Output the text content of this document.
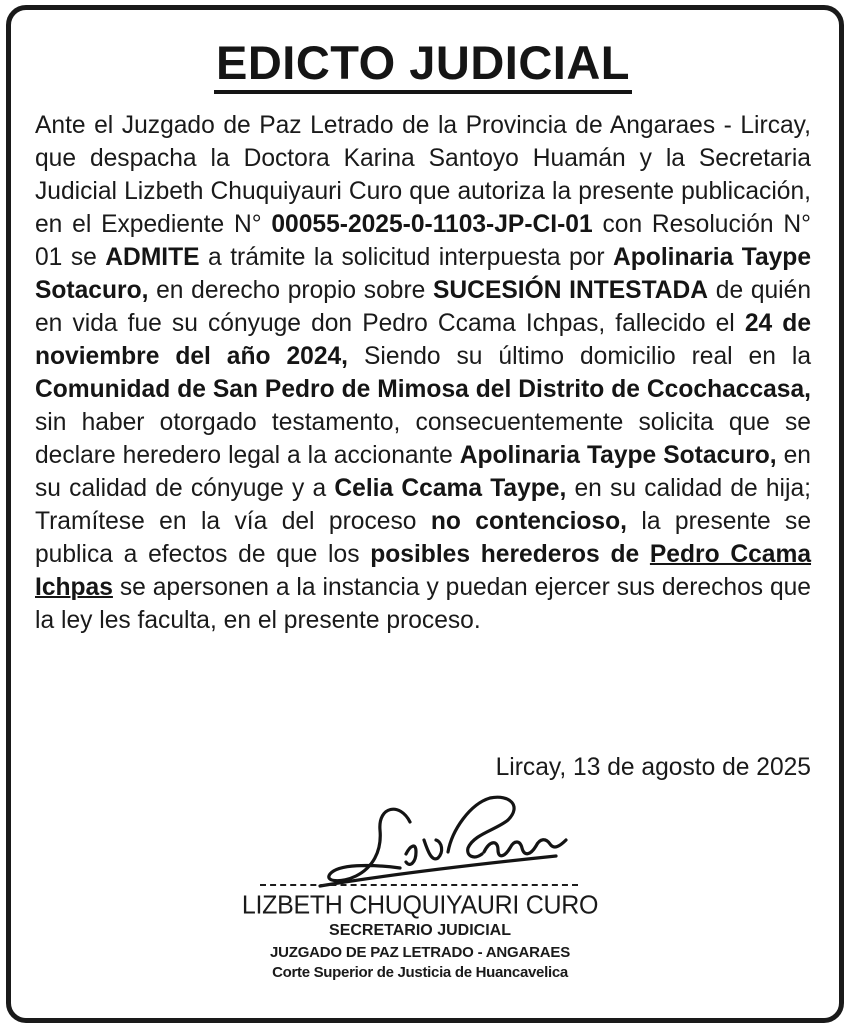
EDICTO JUDICIAL

Ante el Juzgado de Paz Letrado de la Provincia de Angaraes - Lircay, que despacha la Doctora Karina Santoyo Huamán y la Secretaria Judicial Lizbeth Chuquiyauri Curo que autoriza la presente publicación, en el Expediente N° 00055-2025-0-1103-JP-CI-01 con Resolución N° 01 se ADMITE a trámite la solicitud interpuesta por Apolinaria Taype Sotacuro, en derecho propio sobre SUCESIÓN INTESTADA de quién en vida fue su cónyuge don Pedro Ccama Ichpas, fallecido el 24 de noviembre del año 2024, Siendo su último domicilio real en la Comunidad de San Pedro de Mimosa del Distrito de Ccochaccasa, sin haber otorgado testamento, consecuentemente solicita que se declare heredero legal a la accionante Apolinaria Taype Sotacuro, en su calidad de cónyuge y a Celia Ccama Taype, en su calidad de hija; Tramítese en la vía del proceso no contencioso, la presente se publica a efectos de que los posibles herederos de Pedro Ccama Ichpas se apersonen a la instancia y puedan ejercer sus derechos que la ley les faculta, en el presente proceso.

Lircay, 13 de agosto de 2025
LIZBETH CHUQUIYAURI CURO
SECRETARIO JUDICIAL
JUZGADO DE PAZ LETRADO - ANGARAES
Corte Superior de Justicia de Huancavelica
